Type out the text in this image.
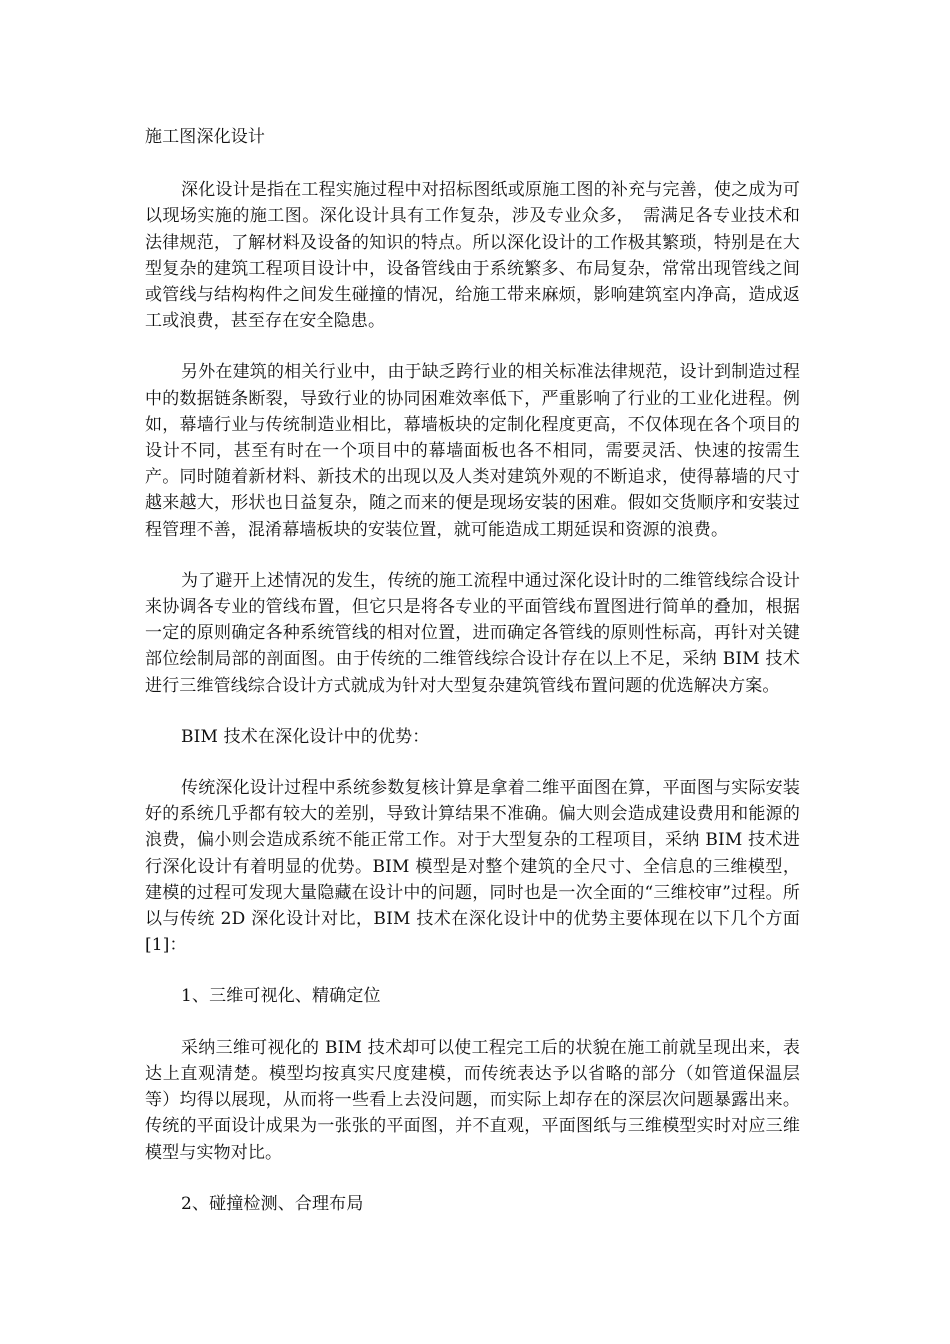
施工图深化设计

深化设计是指在工程实施过程中对招标图纸或原施工图的补充与完善，使之成为可以现场实施的施工图。深化设计具有工作复杂，涉及专业众多，　需满足各专业技术和法律规范，了解材料及设备的知识的特点。所以深化设计的工作极其繁琐，特别是在大型复杂的建筑工程项目设计中，设备管线由于系统繁多、布局复杂，常常出现管线之间或管线与结构构件之间发生碰撞的情况，给施工带来麻烦，影响建筑室内净高，造成返工或浪费，甚至存在安全隐患。

另外在建筑的相关行业中，由于缺乏跨行业的相关标准法律规范，设计到制造过程中的数据链条断裂，导致行业的协同困难效率低下，严重影响了行业的工业化进程。例如，幕墙行业与传统制造业相比，幕墙板块的定制化程度更高，不仅体现在各个项目的设计不同，甚至有时在一个项目中的幕墙面板也各不相同，需要灵活、快速的按需生产。同时随着新材料、新技术的出现以及人类对建筑外观的不断追求，使得幕墙的尺寸越来越大，形状也日益复杂，随之而来的便是现场安装的困难。假如交货顺序和安装过程管理不善，混淆幕墙板块的安装位置，就可能造成工期延误和资源的浪费。

为了避开上述情况的发生，传统的施工流程中通过深化设计时的二维管线综合设计来协调各专业的管线布置，但它只是将各专业的平面管线布置图进行简单的叠加，根据一定的原则确定各种系统管线的相对位置，进而确定各管线的原则性标高，再针对关键部位绘制局部的剖面图。由于传统的二维管线综合设计存在以上不足，采纳 BIM 技术进行三维管线综合设计方式就成为针对大型复杂建筑管线布置问题的优选解决方案。

BIM 技术在深化设计中的优势：

传统深化设计过程中系统参数复核计算是拿着二维平面图在算，平面图与实际安装好的系统几乎都有较大的差别，导致计算结果不准确。偏大则会造成建设费用和能源的浪费，偏小则会造成系统不能正常工作。对于大型复杂的工程项目，采纳 BIM 技术进行深化设计有着明显的优势。BIM 模型是对整个建筑的全尺寸、全信息的三维模型，建模的过程可发现大量隐藏在设计中的问题，同时也是一次全面的“三维校审”过程。所以与传统 2D 深化设计对比，BIM 技术在深化设计中的优势主要体现在以下几个方面[1]：

1、三维可视化、精确定位

采纳三维可视化的 BIM 技术却可以使工程完工后的状貌在施工前就呈现出来，表达上直观清楚。模型均按真实尺度建模，而传统表达予以省略的部分（如管道保温层等）均得以展现，从而将一些看上去没问题，而实际上却存在的深层次问题暴露出来。传统的平面设计成果为一张张的平面图，并不直观，平面图纸与三维模型实时对应三维模型与实物对比。

2、碰撞检测、合理布局
